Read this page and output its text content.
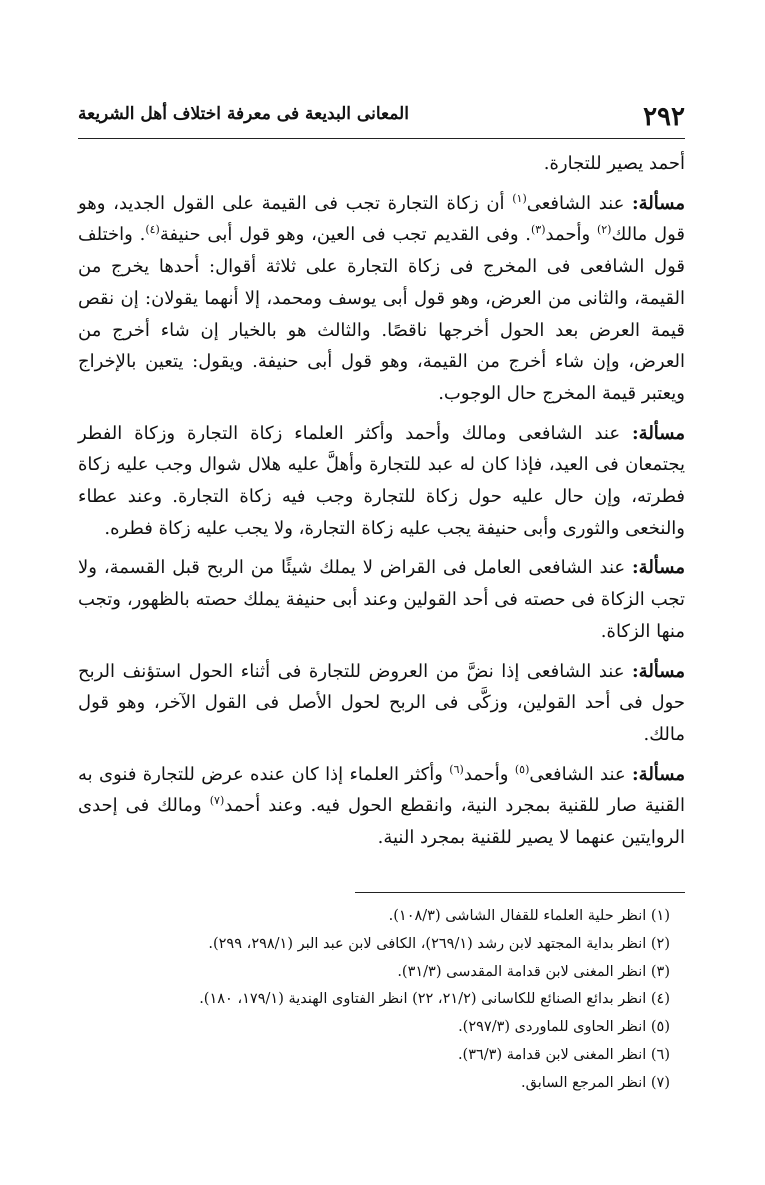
٢٩٢
المعانى البديعة فى معرفة اختلاف أهل الشريعة

أحمد يصير للتجارة.

مسألة: عند الشافعى$^{(١)}$ أن زكاة التجارة تجب فى القيمة على القول الجديد، وهو قول مالك$^{(٢)}$ وأحمد$^{(٣)}$. وفى القديم تجب فى العين، وهو قول أبى حنيفة$^{(٤)}$. واختلف قول الشافعى فى المخرج فى زكاة التجارة على ثلاثة أقوال: أحدها يخرج من القيمة، والثانى من العرض، وهو قول أبى يوسف ومحمد، إلا أنهما يقولان: إن نقص قيمة العرض بعد الحول أخرجها ناقصًا. والثالث هو بالخيار إن شاء أخرج من العرض، وإن شاء أخرج من القيمة، وهو قول أبى حنيفة. ويقول: يتعين بالإخراج ويعتبر قيمة المخرج حال الوجوب.

مسألة: عند الشافعى ومالك وأحمد وأكثر العلماء زكاة التجارة وزكاة الفطر يجتمعان فى العيد، فإذا كان له عبد للتجارة وأهلَّ عليه هلال شوال وجب عليه زكاة فطرته، وإن حال عليه حول زكاة للتجارة وجب فيه زكاة التجارة. وعند عطاء والنخعى والثورى وأبى حنيفة يجب عليه زكاة التجارة، ولا يجب عليه زكاة فطره.

مسألة: عند الشافعى العامل فى القراض لا يملك شيئًا من الربح قبل القسمة، ولا تجب الزكاة فى حصته فى أحد القولين وعند أبى حنيفة يملك حصته بالظهور، وتجب منها الزكاة.

مسألة: عند الشافعى إذا نضَّ من العروض للتجارة فى أثناء الحول استؤنف الربح حول فى أحد القولين، وزكَّى فى الربح لحول الأصل فى القول الآخر، وهو قول مالك.

مسألة: عند الشافعى$^{(٥)}$ وأحمد$^{(٦)}$ وأكثر العلماء إذا كان عنده عرض للتجارة فنوى به القنية صار للقنية بمجرد النية، وانقطع الحول فيه. وعند أحمد$^{(٧)}$ ومالك فى إحدى الروايتين عنهما لا يصير للقنية بمجرد النية.

(١) انظر حلية العلماء للقفال الشاشى (١٠٨/٣).
(٢) انظر بداية المجتهد لابن رشد (٢٦٩/١)، الكافى لابن عبد البر (٢٩٨/١، ٢٩٩).
(٣) انظر المغنى لابن قدامة المقدسى (٣١/٣).
(٤) انظر بدائع الصنائع للكاسانى (٢١/٢، ٢٢) انظر الفتاوى الهندية (١٧٩/١، ١٨٠).
(٥) انظر الحاوى للماوردى (٢٩٧/٣).
(٦) انظر المغنى لابن قدامة (٣٦/٣).
(٧) انظر المرجع السابق.
